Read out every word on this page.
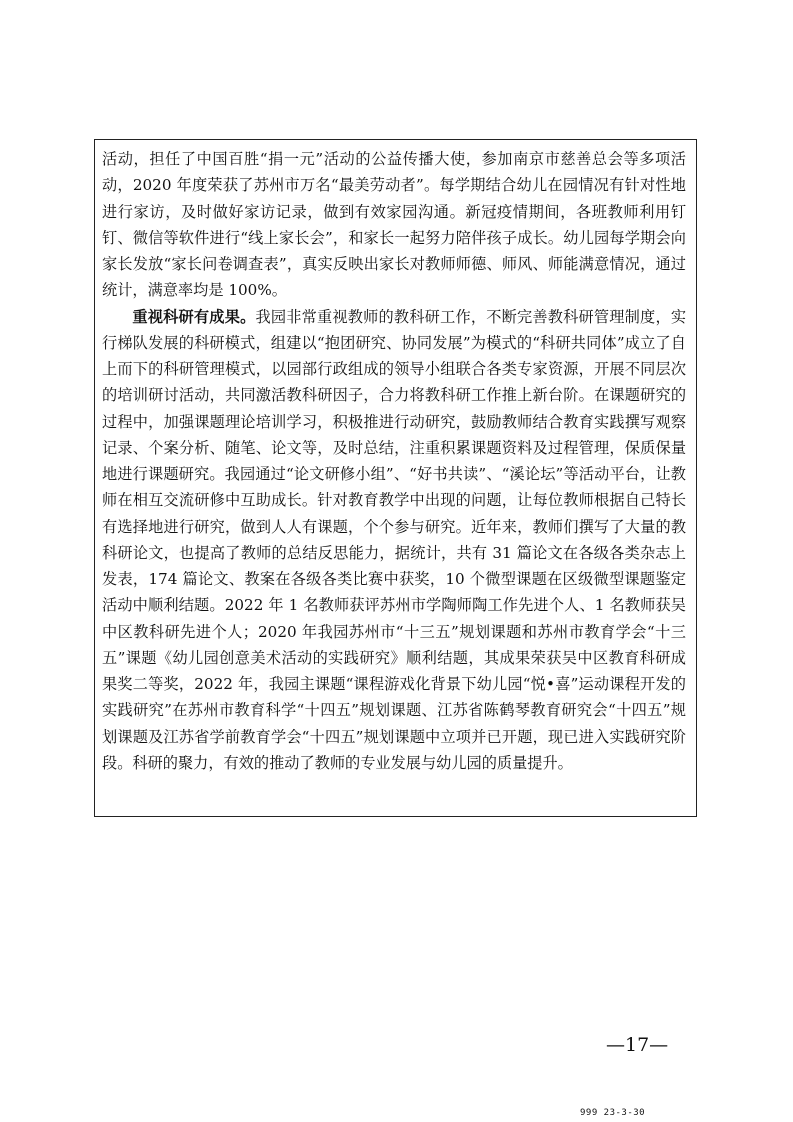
活动，担任了中国百胜“捐一元”活动的公益传播大使，参加南京市慈善总会等多项活动，2020 年度荣获了苏州市万名“最美劳动者”。每学期结合幼儿在园情况有针对性地进行家访，及时做好家访记录，做到有效家园沟通。新冠疫情期间，各班教师利用钉钉、微信等软件进行“线上家长会”，和家长一起努力陪伴孩子成长。幼儿园每学期会向家长发放“家长问卷调查表”，真实反映出家长对教师师德、师风、师能满意情况，通过统计，满意率均是 100%。

重视科研有成果。我园非常重视教师的教科研工作，不断完善教科研管理制度，实行梯队发展的科研模式，组建以“抱团研究、协同发展”为模式的“科研共同体”成立了自上而下的科研管理模式，以园部行政组成的领导小组联合各类专家资源，开展不同层次的培训研讨活动，共同激活教科研因子，合力将教科研工作推上新台阶。在课题研究的过程中，加强课题理论培训学习，积极推进行动研究，鼓励教师结合教育实践撰写观察记录、个案分析、随笔、论文等，及时总结，注重积累课题资料及过程管理，保质保量地进行课题研究。我园通过“论文研修小组”、“好书共读”、“溪论坛”等活动平台，让教师在相互交流研修中互助成长。针对教育教学中出现的问题，让每位教师根据自己特长有选择地进行研究，做到人人有课题，个个参与研究。近年来，教师们撰写了大量的教科研论文，也提高了教师的总结反思能力，据统计，共有 31 篇论文在各级各类杂志上发表，174 篇论文、教案在各级各类比赛中获奖，10 个微型课题在区级微型课题鉴定活动中顺利结题。2022 年 1 名教师获评苏州市学陶师陶工作先进个人、1 名教师获吴中区教科研先进个人；2020 年我园苏州市“十三五”规划课题和苏州市教育学会“十三五”课题《幼儿园创意美术活动的实践研究》顺利结题，其成果荣获吴中区教育科研成果奖二等奖，2022 年，我园主课题“课程游戏化背景下幼儿园“悦•喜”运动课程开发的实践研究”在苏州市教育科学“十四五”规划课题、江苏省陈鹤琴教育研究会“十四五”规划课题及江苏省学前教育学会“十四五”规划课题中立项并已开题，现已进入实践研究阶段。科研的聚力，有效的推动了教师的专业发展与幼儿园的质量提升。

—17—
999 23-3-30
